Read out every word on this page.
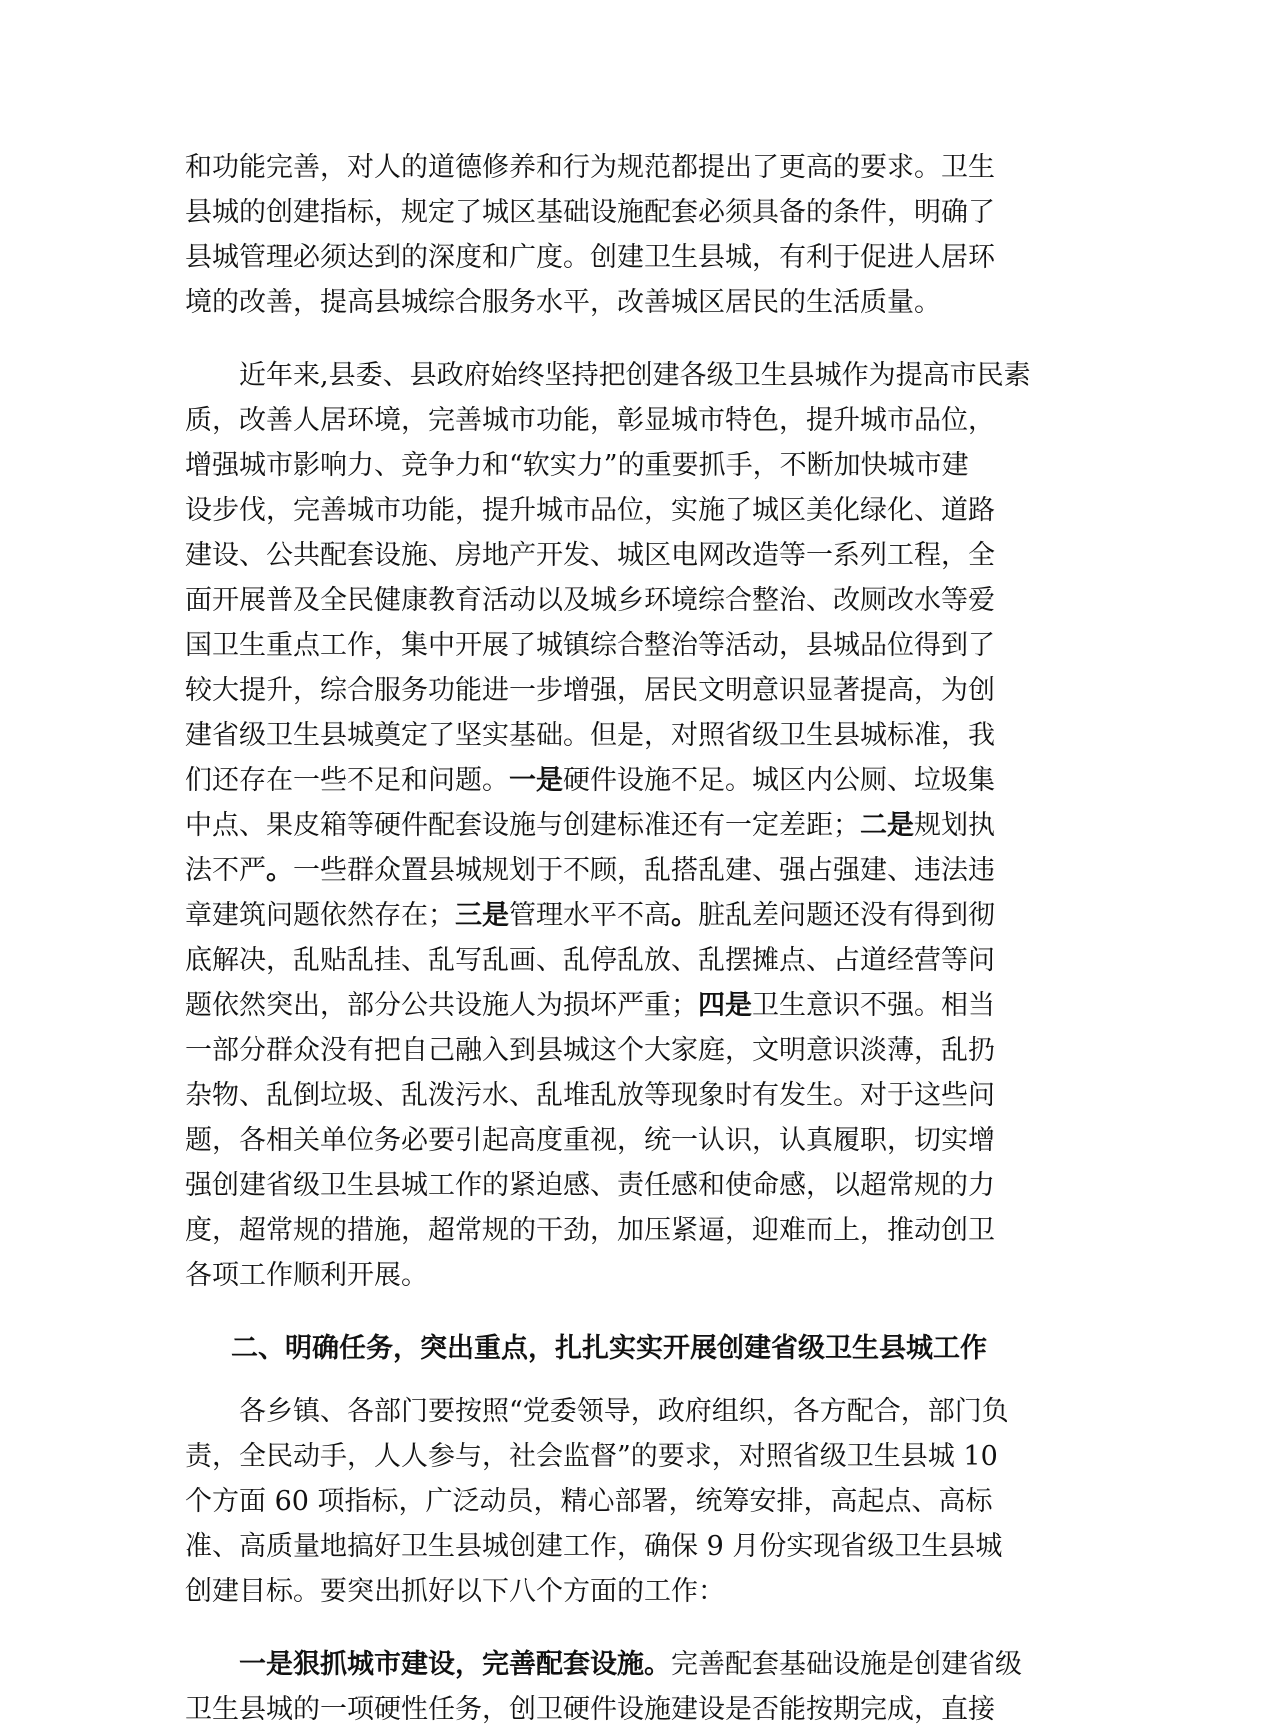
和功能完善，对人的道德修养和行为规范都提出了更高的要求。卫生
县城的创建指标，规定了城区基础设施配套必须具备的条件，明确了
县城管理必须达到的深度和广度。创建卫生县城，有利于促进人居环
境的改善，提高县城综合服务水平，改善城区居民的生活质量。
近年来,县委、县政府始终坚持把创建各级卫生县城作为提高市民素
质，改善人居环境，完善城市功能，彰显城市特色，提升城市品位，
增强城市影响力、竞争力和“软实力”的重要抓手，不断加快城市建
设步伐，完善城市功能，提升城市品位，实施了城区美化绿化、道路
建设、公共配套设施、房地产开发、城区电网改造等一系列工程，全
面开展普及全民健康教育活动以及城乡环境综合整治、改厕改水等爱
国卫生重点工作，集中开展了城镇综合整治等活动，县城品位得到了
较大提升，综合服务功能进一步增强，居民文明意识显著提高，为创
建省级卫生县城奠定了坚实基础。但是，对照省级卫生县城标准，我
们还存在一些不足和问题。一是硬件设施不足。城区内公厕、垃圾集
中点、果皮箱等硬件配套设施与创建标准还有一定差距；二是规划执
法不严。一些群众置县城规划于不顾，乱搭乱建、强占强建、违法违
章建筑问题依然存在；三是管理水平不高。脏乱差问题还没有得到彻
底解决，乱贴乱挂、乱写乱画、乱停乱放、乱摆摊点、占道经营等问
题依然突出，部分公共设施人为损坏严重；四是卫生意识不强。相当
一部分群众没有把自己融入到县城这个大家庭，文明意识淡薄，乱扔
杂物、乱倒垃圾、乱泼污水、乱堆乱放等现象时有发生。对于这些问
题，各相关单位务必要引起高度重视，统一认识，认真履职，切实增
强创建省级卫生县城工作的紧迫感、责任感和使命感，以超常规的力
度，超常规的措施，超常规的干劲，加压紧逼，迎难而上，推动创卫
各项工作顺利开展。
二、明确任务，突出重点，扎扎实实开展创建省级卫生县城工作
各乡镇、各部门要按照“党委领导，政府组织，各方配合，部门负
责，全民动手，人人参与，社会监督”的要求，对照省级卫生县城 10
个方面 60 项指标，广泛动员，精心部署，统筹安排，高起点、高标
准、高质量地搞好卫生县城创建工作，确保 9 月份实现省级卫生县城
创建目标。要突出抓好以下八个方面的工作：
一是狠抓城市建设，完善配套设施。完善配套基础设施是创建省级
卫生县城的一项硬性任务，创卫硬件设施建设是否能按期完成，直接
